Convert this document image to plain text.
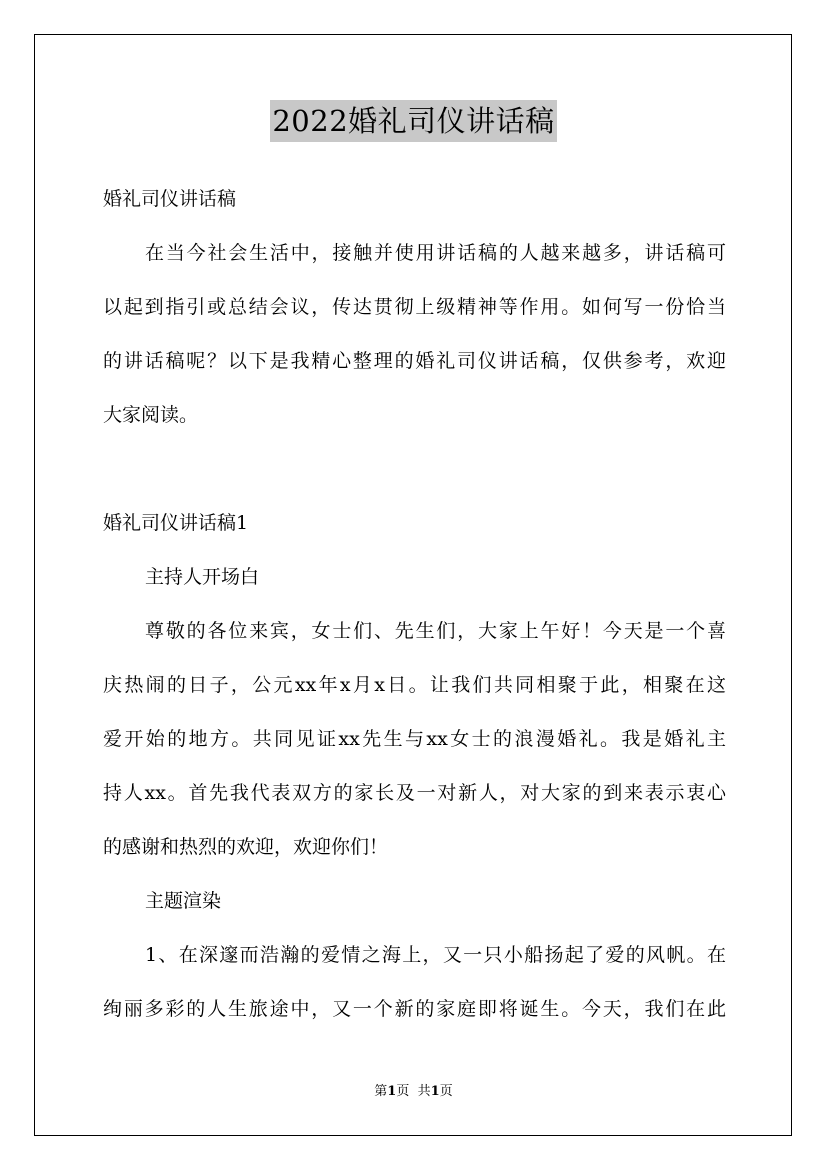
2022婚礼司仪讲话稿
婚礼司仪讲话稿
在当今社会生活中，接触并使用讲话稿的人越来越多，讲话稿可
以起到指引或总结会议，传达贯彻上级精神等作用。如何写一份恰当
的讲话稿呢？以下是我精心整理的婚礼司仪讲话稿，仅供参考，欢迎
大家阅读。
婚礼司仪讲话稿1
主持人开场白
尊敬的各位来宾，女士们、先生们，大家上午好！今天是一个喜
庆热闹的日子，公元xx年x月x日。让我们共同相聚于此，相聚在这
爱开始的地方。共同见证xx先生与xx女士的浪漫婚礼。我是婚礼主
持人xx。首先我代表双方的家长及一对新人，对大家的到来表示衷心
的感谢和热烈的欢迎，欢迎你们！
主题渲染
1、在深邃而浩瀚的爱情之海上，又一只小船扬起了爱的风帆。在
绚丽多彩的人生旅途中，又一个新的家庭即将诞生。今天，我们在此
第1页 共1页
